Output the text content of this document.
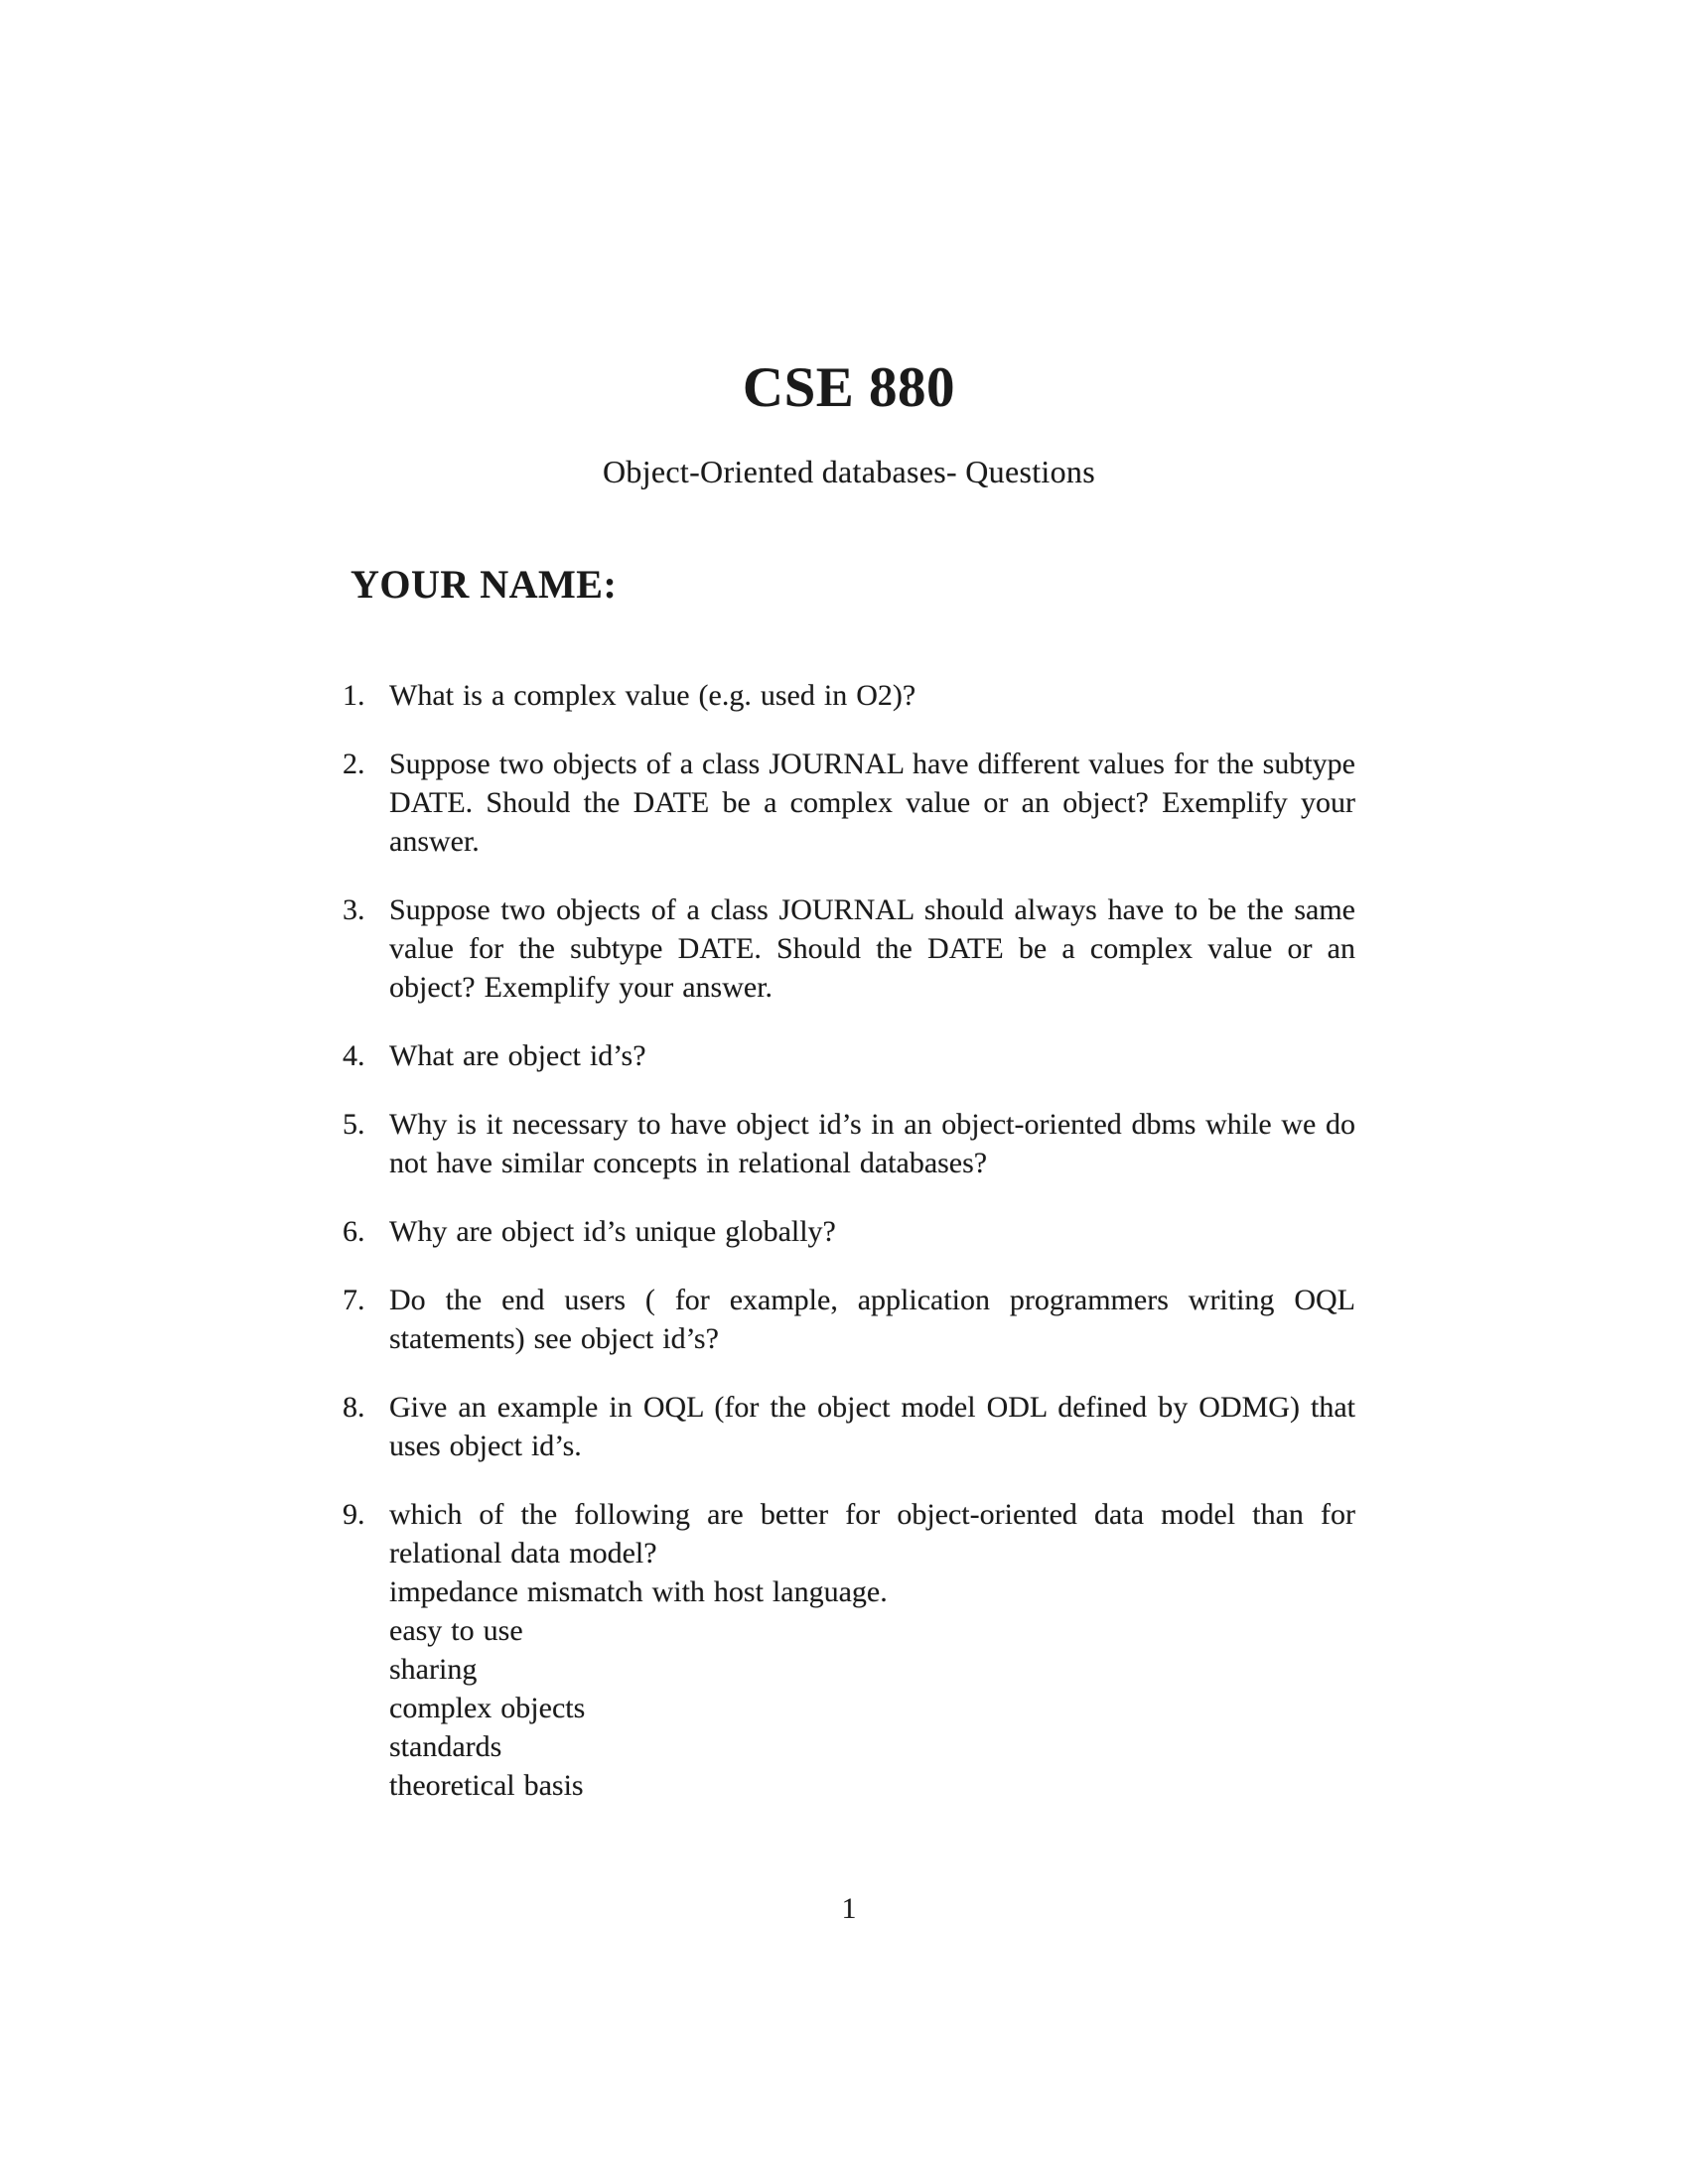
CSE 880
Object-Oriented databases- Questions
YOUR NAME:
1. What is a complex value (e.g. used in O2)?
2. Suppose two objects of a class JOURNAL have different values for the subtype DATE. Should the DATE be a complex value or an object? Exemplify your answer.
3. Suppose two objects of a class JOURNAL should always have to be the same value for the subtype DATE. Should the DATE be a complex value or an object? Exemplify your answer.
4. What are object id’s?
5. Why is it necessary to have object id’s in an object-oriented dbms while we do not have similar concepts in relational databases?
6. Why are object id’s unique globally?
7. Do the end users ( for example, application programmers writing OQL statements) see object id’s?
8. Give an example in OQL (for the object model ODL defined by ODMG) that uses object id’s.
9. which of the following are better for object-oriented data model than for relational data model?
impedance mismatch with host language.
easy to use
sharing
complex objects
standards
theoretical basis
1
